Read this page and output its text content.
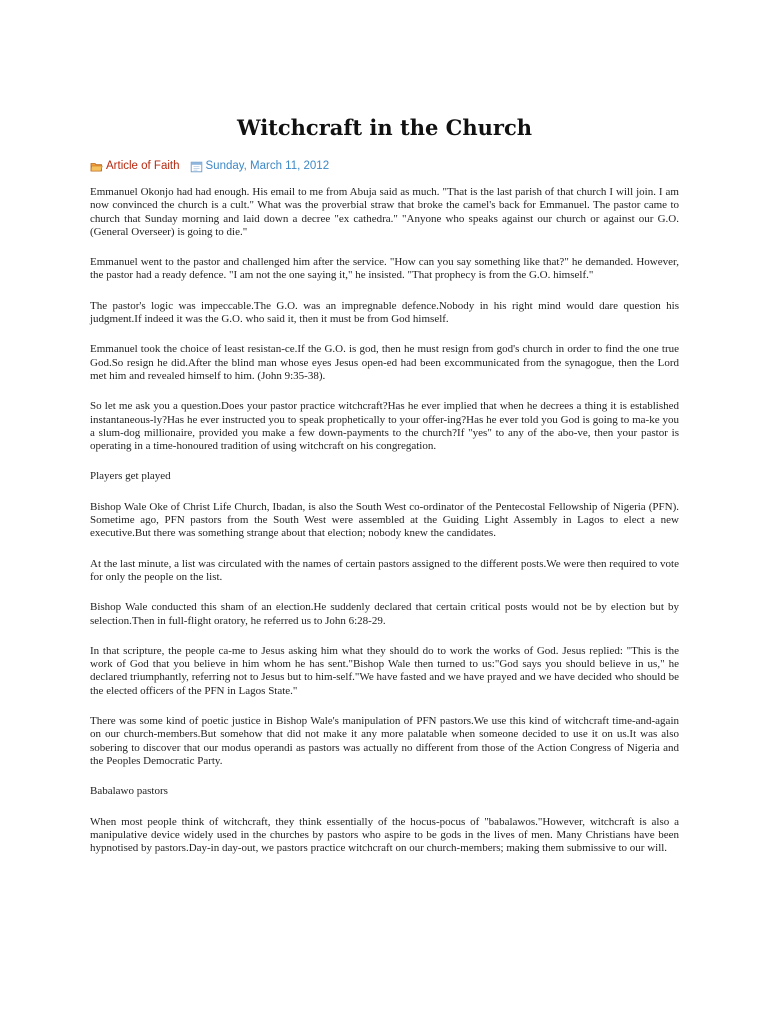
Witchcraft in the Church
Article of Faith Sunday, March 11, 2012

Emmanuel Okonjo had had enough. His email to me from Abuja said as much. "That is the last parish of that church I will join. I am now convinced the church is a cult." What was the proverbial straw that broke the camel's back for Emmanuel. The pastor came to church that Sunday morning and laid down a decree "ex cathedra." "Anyone who speaks against our church or against our G.O. (General Overseer) is going to die."

Emmanuel went to the pastor and challenged him after the service. "How can you say something like that?" he demanded. However, the pastor had a ready defence. "I am not the one saying it," he insisted. "That prophecy is from the G.O. himself."

The pastor's logic was impeccable.The G.O. was an impregnable defence.Nobody in his right mind would dare question his judgment.If indeed it was the G.O. who said it, then it must be from God himself.

Emmanuel took the choice of least resistan-ce.If the G.O. is god, then he must resign from god's church in order to find the one true God.So resign he did.After the blind man whose eyes Jesus open-ed had been excommunicated from the synagogue, then the Lord met him and revealed himself to him. (John 9:35-38).

So let me ask you a question.Does your pastor practice witchcraft?Has he ever implied that when he decrees a thing it is established instantaneous-ly?Has he ever instructed you to speak prophetically to your offer-ing?Has he ever told you God is going to ma-ke you a slum-dog millionaire, provided you make a few down-payments to the church?If "yes" to any of the abo-ve, then your pastor is operating in a time-honoured tradition of using witchcraft on his congregation.

Players get played

Bishop Wale Oke of Christ Life Church, Ibadan, is also the South West co-ordinator of the Pentecostal Fellowship of Nigeria (PFN). Sometime ago, PFN pastors from the South West were assembled at the Guiding Light Assembly in Lagos to elect a new executive.But there was something strange about that election; nobody knew the candidates.

At the last minute, a list was circulated with the names of certain pastors assigned to the different posts.We were then required to vote for only the people on the list.

Bishop Wale conducted this sham of an election.He suddenly declared that certain critical posts would not be by election but by selection.Then in full-flight oratory, he referred us to John 6:28-29.

In that scripture, the people ca-me to Jesus asking him what they should do to work the works of God. Jesus replied: "This is the work of God that you believe in him whom he has sent."Bishop Wale then turned to us:"God says you should believe in us," he declared triumphantly, referring not to Jesus but to him-self."We have fasted and we have prayed and we have decided who should be the elected officers of the PFN in Lagos State."

There was some kind of poetic justice in Bishop Wale's manipulation of PFN pastors.We use this kind of witchcraft time-and-again on our church-members.But somehow that did not make it any more palatable when someone decided to use it on us.It was also sobering to discover that our modus operandi as pastors was actually no different from those of the Action Congress of Nigeria and the Peoples Democratic Party.

Babalawo pastors

When most people think of witchcraft, they think essentially of the hocus-pocus of "babalawos."However, witchcraft is also a manipulative device widely used in the churches by pastors who aspire to be gods in the lives of men. Many Christians have been hypnotised by pastors.Day-in day-out, we pastors practice witchcraft on our church-members; making them submissive to our will.
